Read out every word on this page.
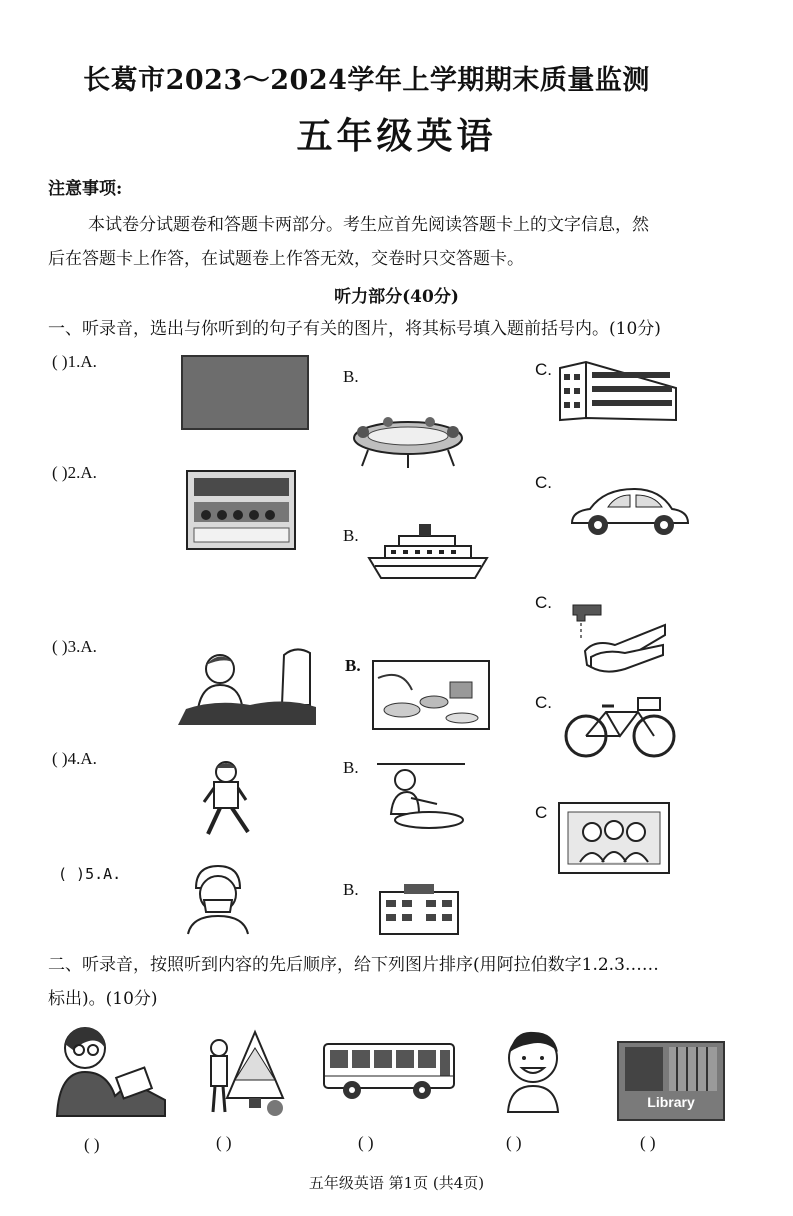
长葛市2023～2024学年上学期期末质量监测
五年级英语
注意事项:
本试卷分试题卷和答题卡两部分。考生应首先阅读答题卡上的文字信息，然
后在答题卡上作答，在试题卷上作答无效，交卷时只交答题卡。
听力部分(40分)
一、听录音，选出与你听到的句子有关的图片，将其标号填入题前括号内。(10分)
( )1.A.
B.	C.
( )2.A.
B.
C.
( )3.A.
B.
C.
( )4.A.	B.
C.
( )5.A.
B.
C
二、听录音，按照听到内容的先后顺序，给下列图片排序(用阿拉伯数字1.2.3……
标出)。(10分)
Library
( )	( )	( )	( )	( )
五年级英语 第1页 (共4页)
